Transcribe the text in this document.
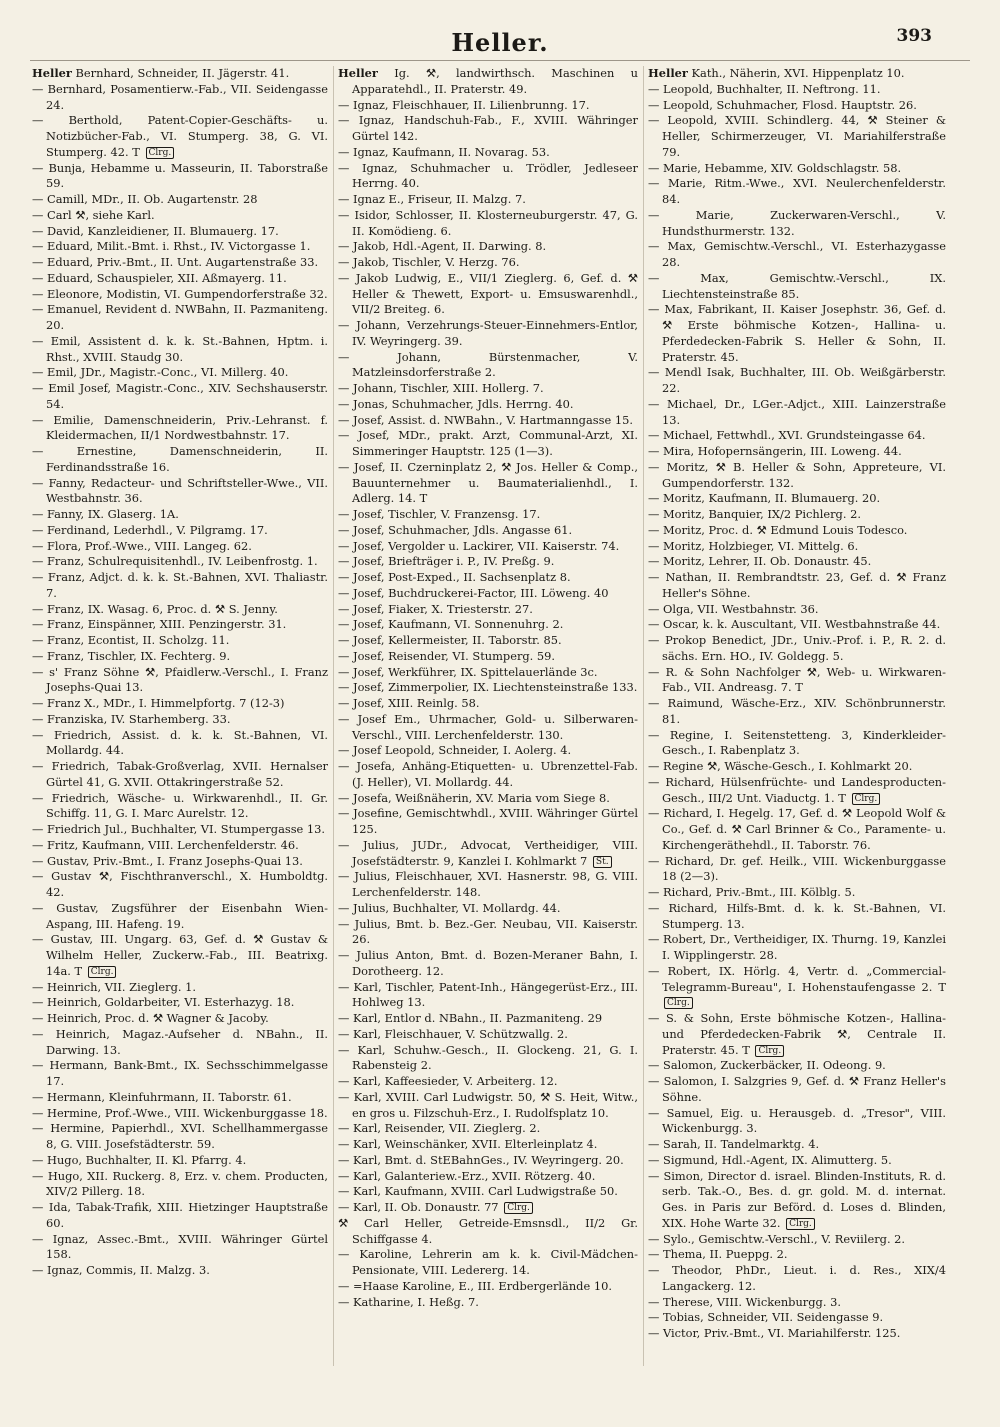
Heller.	393

Heller Bernhard, Schneider, II. Jägerstr. 41.

— Bernhard, Posamentierw.-Fab., VII. Seidengasse 24.

— Berthold, Patent-Copier-Geschäfts- u. Notizbücher-Fab., VI. Stumperg. 38, G. VI. Stumperg. 42. T Clrg.

— Bunja, Hebamme u. Masseurin, II. Taborstraße 59.

— Camill, MDr., II. Ob. Augartenstr. 28

— Carl ⚒, siehe Karl.

— David, Kanzleidiener, II. Blumauerg. 17.

— Eduard, Milit.-Bmt. i. Rhst., IV. Victorgasse 1.

— Eduard, Priv.-Bmt., II. Unt. Augartenstraße 33.

— Eduard, Schauspieler, XII. Aßmayerg. 11.

— Eleonore, Modistin, VI. Gumpendorferstraße 32.

— Emanuel, Revident d. NWBahn, II. Pazmaniteng. 20.

— Emil, Assistent d. k. k. St.-Bahnen, Hptm. i. Rhst., XVIII. Staudg 30.

— Emil, JDr., Magistr.-Conc., VI. Millerg. 40.

— Emil Josef, Magistr.-Conc., XIV. Sechshauserstr. 54.

— Emilie, Damenschneiderin, Priv.-Lehranst. f. Kleidermachen, II/1 Nordwestbahnstr. 17.

— Ernestine, Damenschneiderin, II. Ferdinandsstraße 16.

— Fanny, Redacteur- und Schriftsteller-Wwe., VII. Westbahnstr. 36.

— Fanny, IX. Glaserg. 1A.

— Ferdinand, Lederhdl., V. Pilgramg. 17.

— Flora, Prof.-Wwe., VIII. Langeg. 62.

— Franz, Schulrequisitenhdl., IV. Leibenfrostg. 1.

— Franz, Adjct. d. k. k. St.-Bahnen, XVI. Thaliastr. 7.

— Franz, IX. Wasag. 6, Proc. d. ⚒ S. Jenny.

— Franz, Einspänner, XIII. Penzingerstr. 31.

— Franz, Econtist, II. Scholzg. 11.

— Franz, Tischler, IX. Fechterg. 9.

— s' Franz Söhne ⚒, Pfaidlerw.-Verschl., I. Franz Josephs-Quai 13.

— Franz X., MDr., I. Himmelpfortg. 7 (12-3)

— Franziska, IV. Starhemberg. 33.

— Friedrich, Assist. d. k. k. St.-Bahnen, VI. Mollardg. 44.

— Friedrich, Tabak-Großverlag, XVII. Hernalser Gürtel 41, G. XVII. Ottakringerstraße 52.

— Friedrich, Wäsche- u. Wirkwarenhdl., II. Gr. Schiffg. 11, G. I. Marc Aurelstr. 12.

— Friedrich Jul., Buchhalter, VI. Stumpergasse 13.

— Fritz, Kaufmann, VIII. Lerchenfelderstr. 46.

— Gustav, Priv.-Bmt., I. Franz Josephs-Quai 13.

— Gustav ⚒, Fischthranverschl., X. Humboldtg. 42.

— Gustav, Zugsführer der Eisenbahn Wien-Aspang, III. Hafeng. 19.

— Gustav, III. Ungarg. 63, Gef. d. ⚒ Gustav & Wilhelm Heller, Zuckerw.-Fab., III. Beatrixg. 14a. T Clrg.

— Heinrich, VII. Zieglerg. 1.

— Heinrich, Goldarbeiter, VI. Esterhazyg. 18.

— Heinrich, Proc. d. ⚒ Wagner & Jacoby.

— Heinrich, Magaz.-Aufseher d. NBahn., II. Darwing. 13.

— Hermann, Bank-Bmt., IX. Sechsschimmelgasse 17.

— Hermann, Kleinfuhrmann, II. Taborstr. 61.

— Hermine, Prof.-Wwe., VIII. Wickenburggasse 18.

— Hermine, Papierhdl., XVI. Schellhammergasse 8, G. VIII. Josefstädterstr. 59.

— Hugo, Buchhalter, II. Kl. Pfarrg. 4.

— Hugo, XII. Ruckerg. 8, Erz. v. chem. Producten, XIV/2 Pillerg. 18.

— Ida, Tabak-Trafik, XIII. Hietzinger Hauptstraße 60.

— Ignaz, Assec.-Bmt., XVIII. Währinger Gürtel 158.

— Ignaz, Commis, II. Malzg. 3.

Heller Ig. ⚒, landwirthsch. Maschinen u Apparatehdl., II. Praterstr. 49.

— Ignaz, Fleischhauer, II. Lilienbrunng. 17.

— Ignaz, Handschuh-Fab., F., XVIII. Währinger Gürtel 142.

— Ignaz, Kaufmann, II. Novarag. 53.

— Ignaz, Schuhmacher u. Trödler, Jedleseer Herrng. 40.

— Ignaz E., Friseur, II. Malzg. 7.

— Isidor, Schlosser, II. Klosterneuburgerstr. 47, G. II. Komödieng. 6.

— Jakob, Hdl.-Agent, II. Darwing. 8.

— Jakob, Tischler, V. Herzg. 76.

— Jakob Ludwig, E., VII/1 Zieglerg. 6, Gef. d. ⚒ Heller & Thewett, Export- u. Emsuswarenhdl., VII/2 Breiteg. 6.

— Johann, Verzehrungs-Steuer-Einnehmers-Entlor, IV. Weyringerg. 39.

— Johann, Bürstenmacher, V. Matzleinsdorferstraße 2.

— Johann, Tischler, XIII. Hollerg. 7.

— Jonas, Schuhmacher, Jdls. Herrng. 40.

— Josef, Assist. d. NWBahn., V. Hartmanngasse 15.

— Josef, MDr., prakt. Arzt, Communal-Arzt, XI. Simmeringer Hauptstr. 125 (1—3).

— Josef, II. Czerninplatz 2, ⚒ Jos. Heller & Comp., Bauunternehmer u. Baumaterialienhdl., I. Adlerg. 14. T

— Josef, Tischler, V. Franzensg. 17.

— Josef, Schuhmacher, Jdls. Angasse 61.

— Josef, Vergolder u. Lackirer, VII. Kaiserstr. 74.

— Josef, Briefträger i. P., IV. Preßg. 9.

— Josef, Post-Exped., II. Sachsenplatz 8.

— Josef, Buchdruckerei-Factor, III. Löweng. 40

— Josef, Fiaker, X. Triesterstr. 27.

— Josef, Kaufmann, VI. Sonnenuhrg. 2.

— Josef, Kellermeister, II. Taborstr. 85.

— Josef, Reisender, VI. Stumperg. 59.

— Josef, Werkführer, IX. Spittelauerlände 3c.

— Josef, Zimmerpolier, IX. Liechtensteinstraße 133.

— Josef, XIII. Reinlg. 58.

— Josef Em., Uhrmacher, Gold- u. Silberwaren-Verschl., VIII. Lerchenfelderstr. 130.

— Josef Leopold, Schneider, I. Aolerg. 4.

— Josefa, Anhäng-Etiquetten- u. Ubrenzettel-Fab. (J. Heller), VI. Mollardg. 44.

— Josefa, Weißnäherin, XV. Maria vom Siege 8.

— Josefine, Gemischtwhdl., XVIII. Währinger Gürtel 125.

— Julius, JUDr., Advocat, Vertheidiger, VIII. Josefstädterstr. 9, Kanzlei I. Kohlmarkt 7 St.

— Julius, Fleischhauer, XVI. Hasnerstr. 98, G. VIII. Lerchenfelderstr. 148.

— Julius, Buchhalter, VI. Mollardg. 44.

— Julius, Bmt. b. Bez.-Ger. Neubau, VII. Kaiserstr. 26.

— Julius Anton, Bmt. d. Bozen-Meraner Bahn, I. Dorotheerg. 12.

— Karl, Tischler, Patent-Inh., Hängegerüst-Erz., III. Hohlweg 13.

— Karl, Entlor d. NBahn., II. Pazmaniteng. 29

— Karl, Fleischhauer, V. Schützwallg. 2.

— Karl, Schuhw.-Gesch., II. Glockeng. 21, G. I. Rabensteig 2.

— Karl, Kaffeesieder, V. Arbeiterg. 12.

— Karl, XVIII. Carl Ludwigstr. 50, ⚒ S. Heit, Witw., en gros u. Filzschuh-Erz., I. Rudolfsplatz 10.

— Karl, Reisender, VII. Zieglerg. 2.

— Karl, Weinschänker, XVII. Elterleinplatz 4.

— Karl, Bmt. d. StEBahnGes., IV. Weyringerg. 20.

— Karl, Galanteriew.-Erz., XVII. Rötzerg. 40.

— Karl, Kaufmann, XVIII. Carl Ludwigstraße 50.

— Karl, II. Ob. Donaustr. 77 Clrg.

⚒ Carl Heller, Getreide-Emsnsdl., II/2 Gr. Schiffgasse 4.

— Karoline, Lehrerin am k. k. Civil-Mädchen-Pensionate, VIII. Ledererg. 14.

— =Haase Karoline, E., III. Erdbergerlände 10.

— Katharine, I. Heßg. 7.

Heller Kath., Näherin, XVI. Hippenplatz 10.

— Leopold, Buchhalter, II. Neftrong. 11.

— Leopold, Schuhmacher, Flosd. Hauptstr. 26.

— Leopold, XVIII. Schindlerg. 44, ⚒ Steiner & Heller, Schirmerzeuger, VI. Mariahilferstraße 79.

— Marie, Hebamme, XIV. Goldschlagstr. 58.

— Marie, Ritm.-Wwe., XVI. Neulerchenfelderstr. 84.

— Marie, Zuckerwaren-Verschl., V. Hundsthurmerstr. 132.

— Max, Gemischtw.-Verschl., VI. Esterhazygasse 28.

— Max, Gemischtw.-Verschl., IX. Liechtensteinstraße 85.

— Max, Fabrikant, II. Kaiser Josephstr. 36, Gef. d. ⚒ Erste böhmische Kotzen-, Hallina- u. Pferdedecken-Fabrik S. Heller & Sohn, II. Praterstr. 45.

— Mendl Isak, Buchhalter, III. Ob. Weißgärberstr. 22.

— Michael, Dr., LGer.-Adjct., XIII. Lainzerstraße 13.

— Michael, Fettwhdl., XVI. Grundsteingasse 64.

— Mira, Hofopernsängerin, III. Loweng. 44.

— Moritz, ⚒ B. Heller & Sohn, Appreteure, VI. Gumpendorferstr. 132.

— Moritz, Kaufmann, II. Blumauerg. 20.

— Moritz, Banquier, IX/2 Pichlerg. 2.

— Moritz, Proc. d. ⚒ Edmund Louis Todesco.

— Moritz, Holzbieger, VI. Mittelg. 6.

— Moritz, Lehrer, II. Ob. Donaustr. 45.

— Nathan, II. Rembrandtstr. 23, Gef. d. ⚒ Franz Heller's Söhne.

— Olga, VII. Westbahnstr. 36.

— Oscar, k. k. Auscultant, VII. Westbahnstraße 44.

— Prokop Benedict, JDr., Univ.-Prof. i. P., R. 2. d. sächs. Ern. HO., IV. Goldegg. 5.

— R. & Sohn Nachfolger ⚒, Web- u. Wirkwaren-Fab., VII. Andreasg. 7. T

— Raimund, Wäsche-Erz., XIV. Schönbrunnerstr. 81.

— Regine, I. Seitenstetteng. 3, Kinderkleider-Gesch., I. Rabenplatz 3.

— Regine ⚒, Wäsche-Gesch., I. Kohlmarkt 20.

— Richard, Hülsenfrüchte- und Landesproducten-Gesch., III/2 Unt. Viaductg. 1. T Clrg.

— Richard, I. Hegelg. 17, Gef. d. ⚒ Leopold Wolf & Co., Gef. d. ⚒ Carl Brinner & Co., Paramente- u. Kirchengeräthehdl., II. Taborstr. 76.

— Richard, Dr. gef. Heilk., VIII. Wickenburggasse 18 (2—3).

— Richard, Priv.-Bmt., III. Kölblg. 5.

— Richard, Hilfs-Bmt. d. k. k. St.-Bahnen, VI. Stumperg. 13.

— Robert, Dr., Vertheidiger, IX. Thurng. 19, Kanzlei I. Wipplingerstr. 28.

— Robert, IX. Hörlg. 4, Vertr. d. „Commercial-Telegramm-Bureau", I. Hohenstaufengasse 2. T Clrg.

— S. & Sohn, Erste böhmische Kotzen-, Hallina- und Pferdedecken-Fabrik ⚒, Centrale II. Praterstr. 45. T Clrg.

— Salomon, Zuckerbäcker, II. Odeong. 9.

— Salomon, I. Salzgries 9, Gef. d. ⚒ Franz Heller's Söhne.

— Samuel, Eig. u. Herausgeb. d. „Tresor", VIII. Wickenburgg. 3.

— Sarah, II. Tandelmarktg. 4.

— Sigmund, Hdl.-Agent, IX. Alimutterg. 5.

— Simon, Director d. israel. Blinden-Instituts, R. d. serb. Tak.-O., Bes. d. gr. gold. M. d. internat. Ges. in Paris zur Beförd. d. Loses d. Blinden, XIX. Hohe Warte 32. Clrg.

— Sylo., Gemischtw.-Verschl., V. Reviilerg. 2.

— Thema, II. Pueppg. 2.

— Theodor, PhDr., Lieut. i. d. Res., XIX/4 Langackerg. 12.

— Therese, VIII. Wickenburgg. 3.

— Tobias, Schneider, VII. Seidengasse 9.

— Victor, Priv.-Bmt., VI. Mariahilferstr. 125.
